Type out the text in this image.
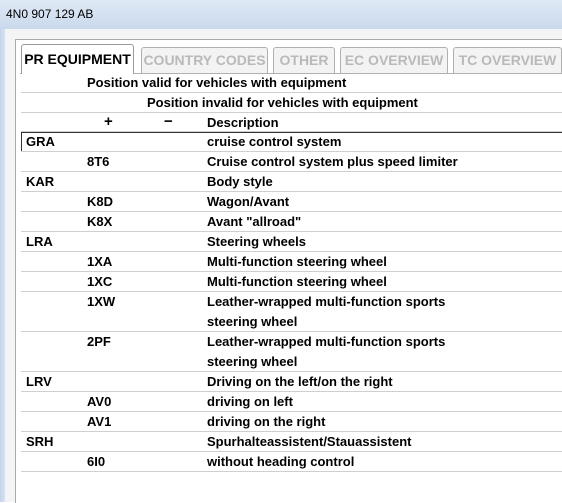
4N0 907 129 AB
PR EQUIPMENT COUNTRY CODES OTHER	EC OVERVIEW	TC OVERVIEW
Position valid for vehicles with equipment
Position invalid for vehicles with equipment
+	−	Description
GRA	cruise control system
8T6	Cruise control system plus speed limiter
KAR	Body style
K8D	Wagon/Avant
K8X	Avant "allroad"
LRA	Steering wheels
1XA	Multi-function steering wheel
1XC	Multi-function steering wheel
1XW	Leather-wrapped multi-function sports
steering wheel
2PF	Leather-wrapped multi-function sports
steering wheel
LRV	Driving on the left/on the right
AV0	driving on left
AV1	driving on the right
SRH	Spurhalteassistent/Stauassistent
6I0	without heading control
